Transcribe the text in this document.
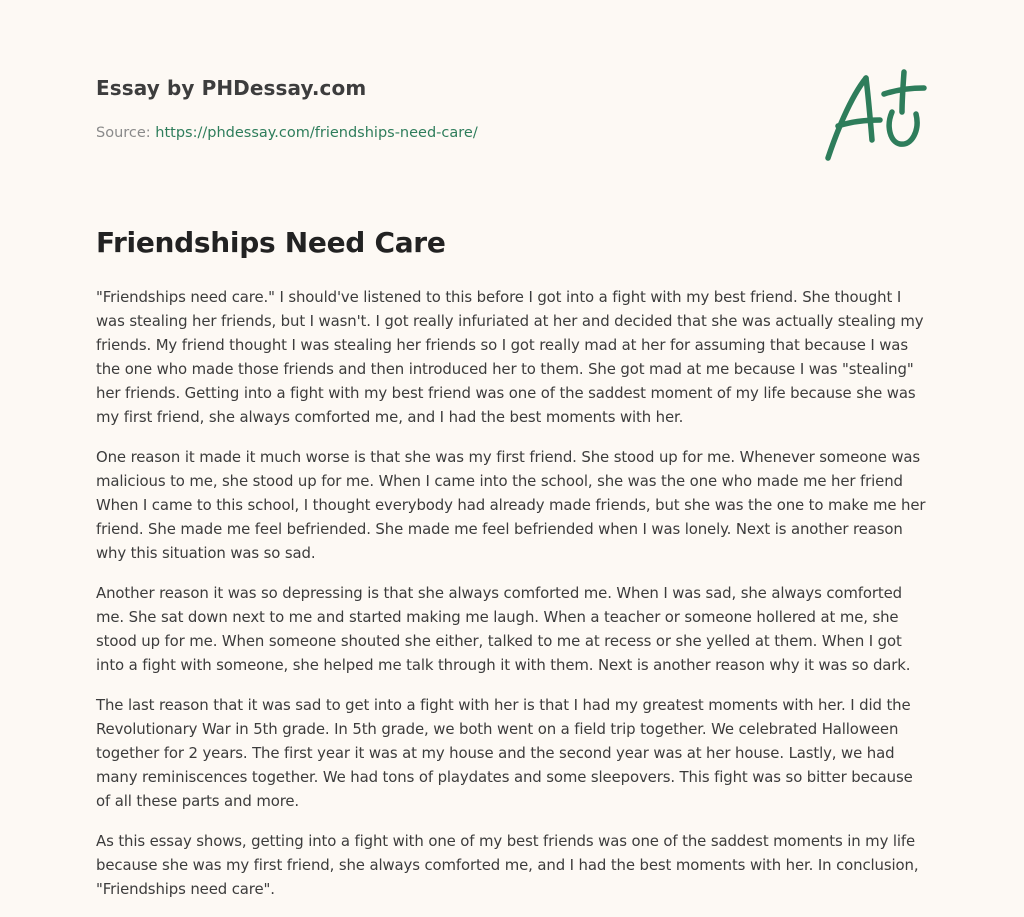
Essay by PHDessay.com
Source: https://phdessay.com/friendships-need-care/
Friendships Need Care

"Friendships need care." I should've listened to this before I got into a fight with my best friend. She thought I was stealing her friends, but I wasn't. I got really infuriated at her and decided that she was actually stealing my friends. My friend thought I was stealing her friends so I got really mad at her for assuming that because I was the one who made those friends and then introduced her to them. She got mad at me because I was "stealing" her friends. Getting into a fight with my best friend was one of the saddest moment of my life because she was my first friend, she always comforted me, and I had the best moments with her.

One reason it made it much worse is that she was my first friend. She stood up for me. Whenever someone was malicious to me, she stood up for me. When I came into the school, she was the one who made me her friend When I came to this school, I thought everybody had already made friends, but she was the one to make me her friend. She made me feel befriended. She made me feel befriended when I was lonely. Next is another reason why this situation was so sad.

Another reason it was so depressing is that she always comforted me. When I was sad, she always comforted me. She sat down next to me and started making me laugh. When a teacher or someone hollered at me, she stood up for me. When someone shouted she either, talked to me at recess or she yelled at them. When I got into a fight with someone, she helped me talk through it with them. Next is another reason why it was so dark.

The last reason that it was sad to get into a fight with her is that I had my greatest moments with her. I did the Revolutionary War in 5th grade. In 5th grade, we both went on a field trip together. We celebrated Halloween together for 2 years. The first year it was at my house and the second year was at her house. Lastly, we had many reminiscences together. We had tons of playdates and some sleepovers. This fight was so bitter because of all these parts and more.

As this essay shows, getting into a fight with one of my best friends was one of the saddest moments in my life because she was my first friend, she always comforted me, and I had the best moments with her. In conclusion, "Friendships need care".
